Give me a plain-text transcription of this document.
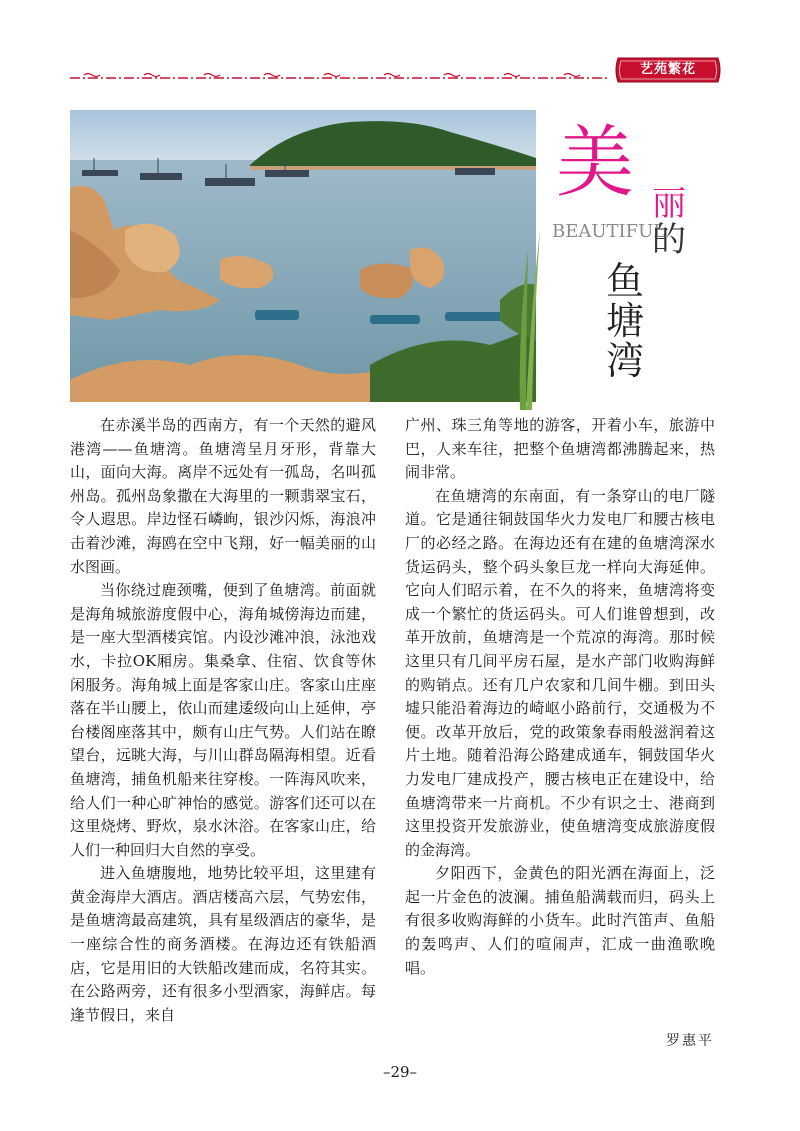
艺苑繁花
美 丽
BEAUTIFUL
的
鱼
塘
湾

在赤溪半岛的西南方，有一个天然的避风港湾——鱼塘湾。鱼塘湾呈月牙形，背靠大山，面向大海。离岸不远处有一孤岛，名叫孤州岛。孤州岛象撒在大海里的一颗翡翠宝石，令人遐思。岸边怪石嶙峋，银沙闪烁，海浪冲击着沙滩，海鸥在空中飞翔，好一幅美丽的山水图画。

当你绕过鹿颈嘴，便到了鱼塘湾。前面就是海角城旅游度假中心，海角城傍海边而建，是一座大型酒楼宾馆。内设沙滩冲浪，泳池戏水，卡拉OK厢房。集桑拿、住宿、饮食等休闲服务。海角城上面是客家山庄。客家山庄座落在半山腰上，依山而建逶级向山上延伸，亭台楼阁座落其中，颇有山庄气势。人们站在瞭望台，远眺大海，与川山群岛隔海相望。近看鱼塘湾，捕鱼机船来往穿梭。一阵海风吹来，给人们一种心旷神怡的感觉。游客们还可以在这里烧烤、野炊，泉水沐浴。在客家山庄，给人们一种回归大自然的享受。

进入鱼塘腹地，地势比较平坦，这里建有黄金海岸大酒店。酒店楼高六层，气势宏伟，是鱼塘湾最高建筑，具有星级酒店的豪华，是一座综合性的商务酒楼。在海边还有铁船酒店，它是用旧的大铁船改建而成，名符其实。在公路两旁，还有很多小型酒家，海鲜店。每逢节假日，来自

广州、珠三角等地的游客，开着小车，旅游中巴，人来车往，把整个鱼塘湾都沸腾起来，热闹非常。

在鱼塘湾的东南面，有一条穿山的电厂隧道。它是通往铜鼓国华火力发电厂和腰古核电厂的必经之路。在海边还有在建的鱼塘湾深水货运码头，整个码头象巨龙一样向大海延伸。它向人们昭示着，在不久的将来，鱼塘湾将变成一个繁忙的货运码头。可人们谁曾想到，改革开放前，鱼塘湾是一个荒凉的海湾。那时候这里只有几间平房石屋，是水产部门收购海鲜的购销点。还有几户农家和几间牛棚。到田头墟只能沿着海边的崎岖小路前行，交通极为不便。改革开放后，党的政策象春雨般滋润着这片土地。随着沿海公路建成通车，铜鼓国华火力发电厂建成投产，腰古核电正在建设中，给鱼塘湾带来一片商机。不少有识之士、港商到这里投资开发旅游业，使鱼塘湾变成旅游度假的金海湾。

夕阳西下，金黄色的阳光洒在海面上，泛起一片金色的波澜。捕鱼船满载而归，码头上有很多收购海鲜的小货车。此时汽笛声、鱼船的轰鸣声、人们的喧闹声，汇成一曲渔歌晚唱。

罗惠平
–29–
